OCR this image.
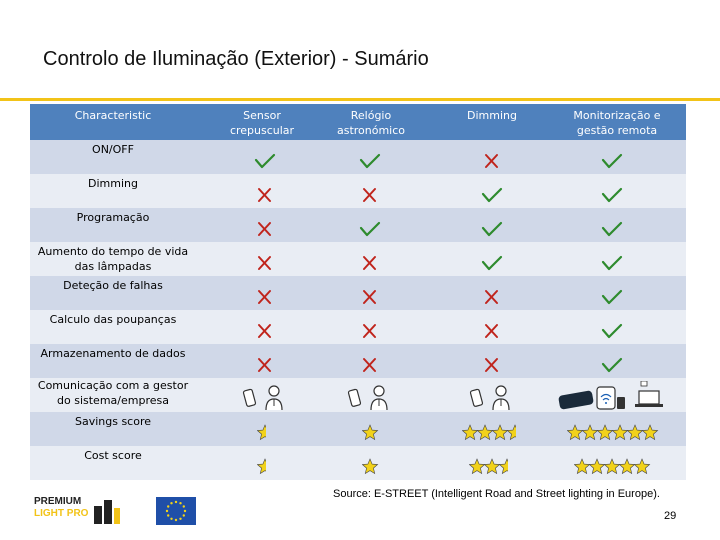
Controlo de Iluminação (Exterior) - Sumário
Characteristic	Sensor crepuscular
Relógio astronómico
Dimming	Monitorização e gestão remota
ON/OFF
Dimming
Programação
Aumento do tempo de vida das lâmpadas
Deteção de falhas
Calculo das poupanças
Armazenamento de dados
Comunicação com a gestor do sistema/empresa
Savings score
Cost score
Source: E-STREET (Intelligent Road and Street lighting in Europe).
29
PREMIUM
LIGHT PRO
